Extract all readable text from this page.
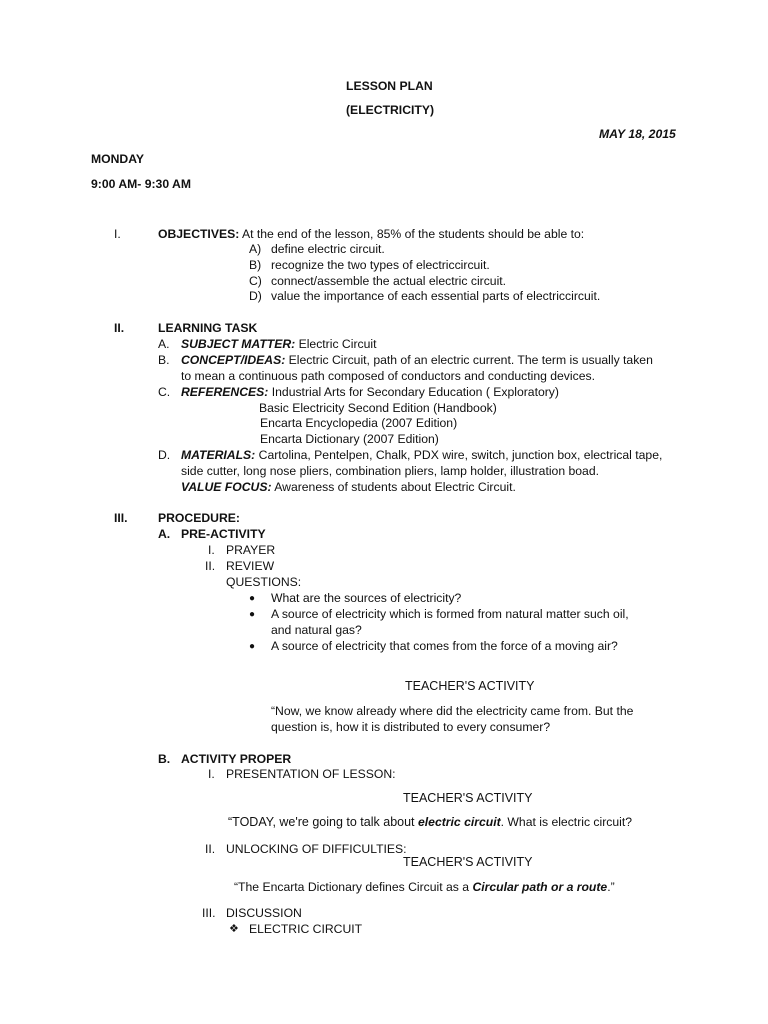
LESSON PLAN
(ELECTRICITY)
MAY 18, 2015
MONDAY
9:00 AM- 9:30 AM
I.	OBJECTIVES: At the end of the lesson, 85% of the students should be able to:
A) define electric circuit.
B) recognize the two types of electriccircuit.
C) connect/assemble the actual electric circuit.
D) value the importance of each essential parts of electriccircuit.
II.	LEARNING TASK
A. SUBJECT MATTER: Electric Circuit
B. CONCEPT/IDEAS: Electric Circuit, path of an electric current. The term is usually taken
to mean a continuous path composed of conductors and conducting devices.
C. REFERENCES: Industrial Arts for Secondary Education ( Exploratory)
Basic Electricity Second Edition (Handbook)
Encarta Encyclopedia (2007 Edition)
Encarta Dictionary (2007 Edition)
D. MATERIALS: Cartolina, Pentelpen, Chalk, PDX wire, switch, junction box, electrical tape,
side cutter, long nose pliers, combination pliers, lamp holder, illustration boad.
VALUE FOCUS: Awareness of students about Electric Circuit.
III. PROCEDURE:
A. PRE-ACTIVITY
I. PRAYER
II. REVIEW
QUESTIONS:
● What are the sources of electricity?
● A source of electricity which is formed from natural matter such oil,
and natural gas?
● A source of electricity that comes from the force of a moving air?
TEACHER'S ACTIVITY
“Now, we know already where did the electricity came from. But the
question is, how it is distributed to every consumer?
B. ACTIVITY PROPER
I. PRESENTATION OF LESSON:
TEACHER'S ACTIVITY
“TODAY, we're going to talk about electric circuit. What is electric circuit?
II. UNLOCKING OF DIFFICULTIES:
TEACHER'S ACTIVITY
“The Encarta Dictionary defines Circuit as a Circular path or a route.”
III. DISCUSSION
❖ ELECTRIC CIRCUIT
